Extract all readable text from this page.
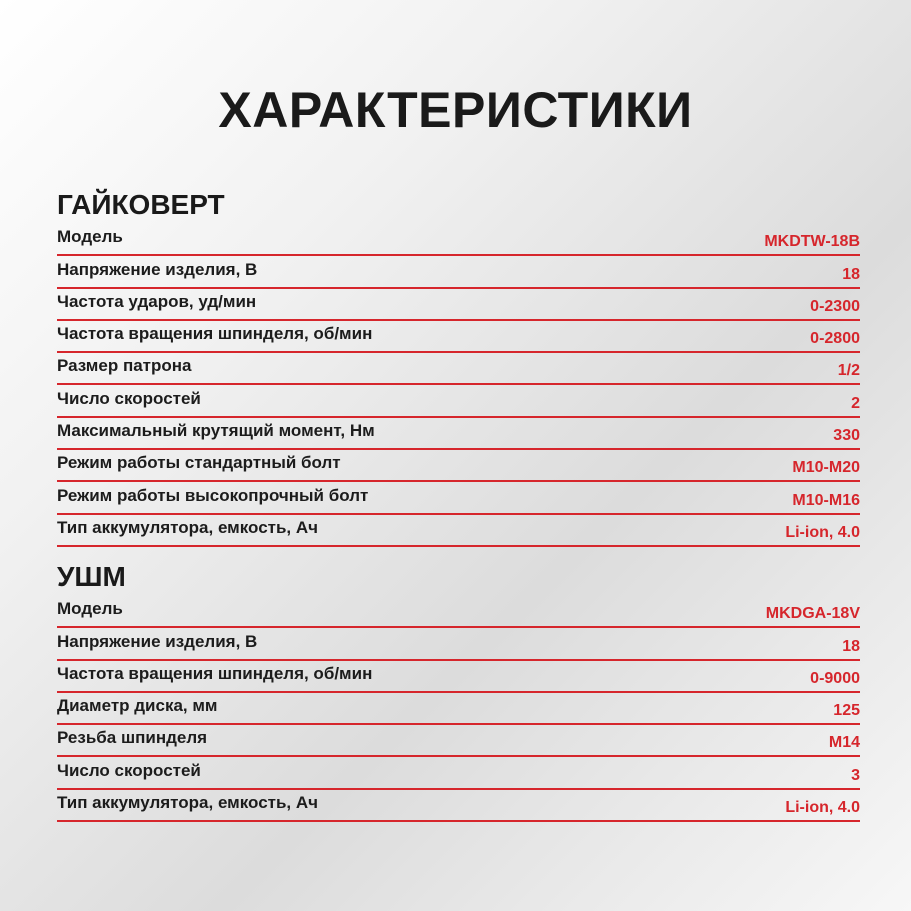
ХАРАКТЕРИСТИКИ
ГАЙКОВЕРТ
Модель	MKDTW-18B
Напряжение изделия, В	18
Частота ударов, уд/мин	0-2300
Частота вращения шпинделя, об/мин	0-2800
Размер патрона	1/2
Число скоростей	2
Максимальный крутящий момент, Нм	330
Режим работы стандартный болт	M10-M20
Режим работы высокопрочный болт	M10-M16
Тип аккумулятора, емкость, Ач	Li-ion, 4.0
УШМ
Модель	MKDGA-18V
Напряжение изделия, В	18
Частота вращения шпинделя, об/мин	0-9000
Диаметр диска, мм	125
Резьба шпинделя	M14
Число скоростей	3
Тип аккумулятора, емкость, Ач	Li-ion, 4.0
